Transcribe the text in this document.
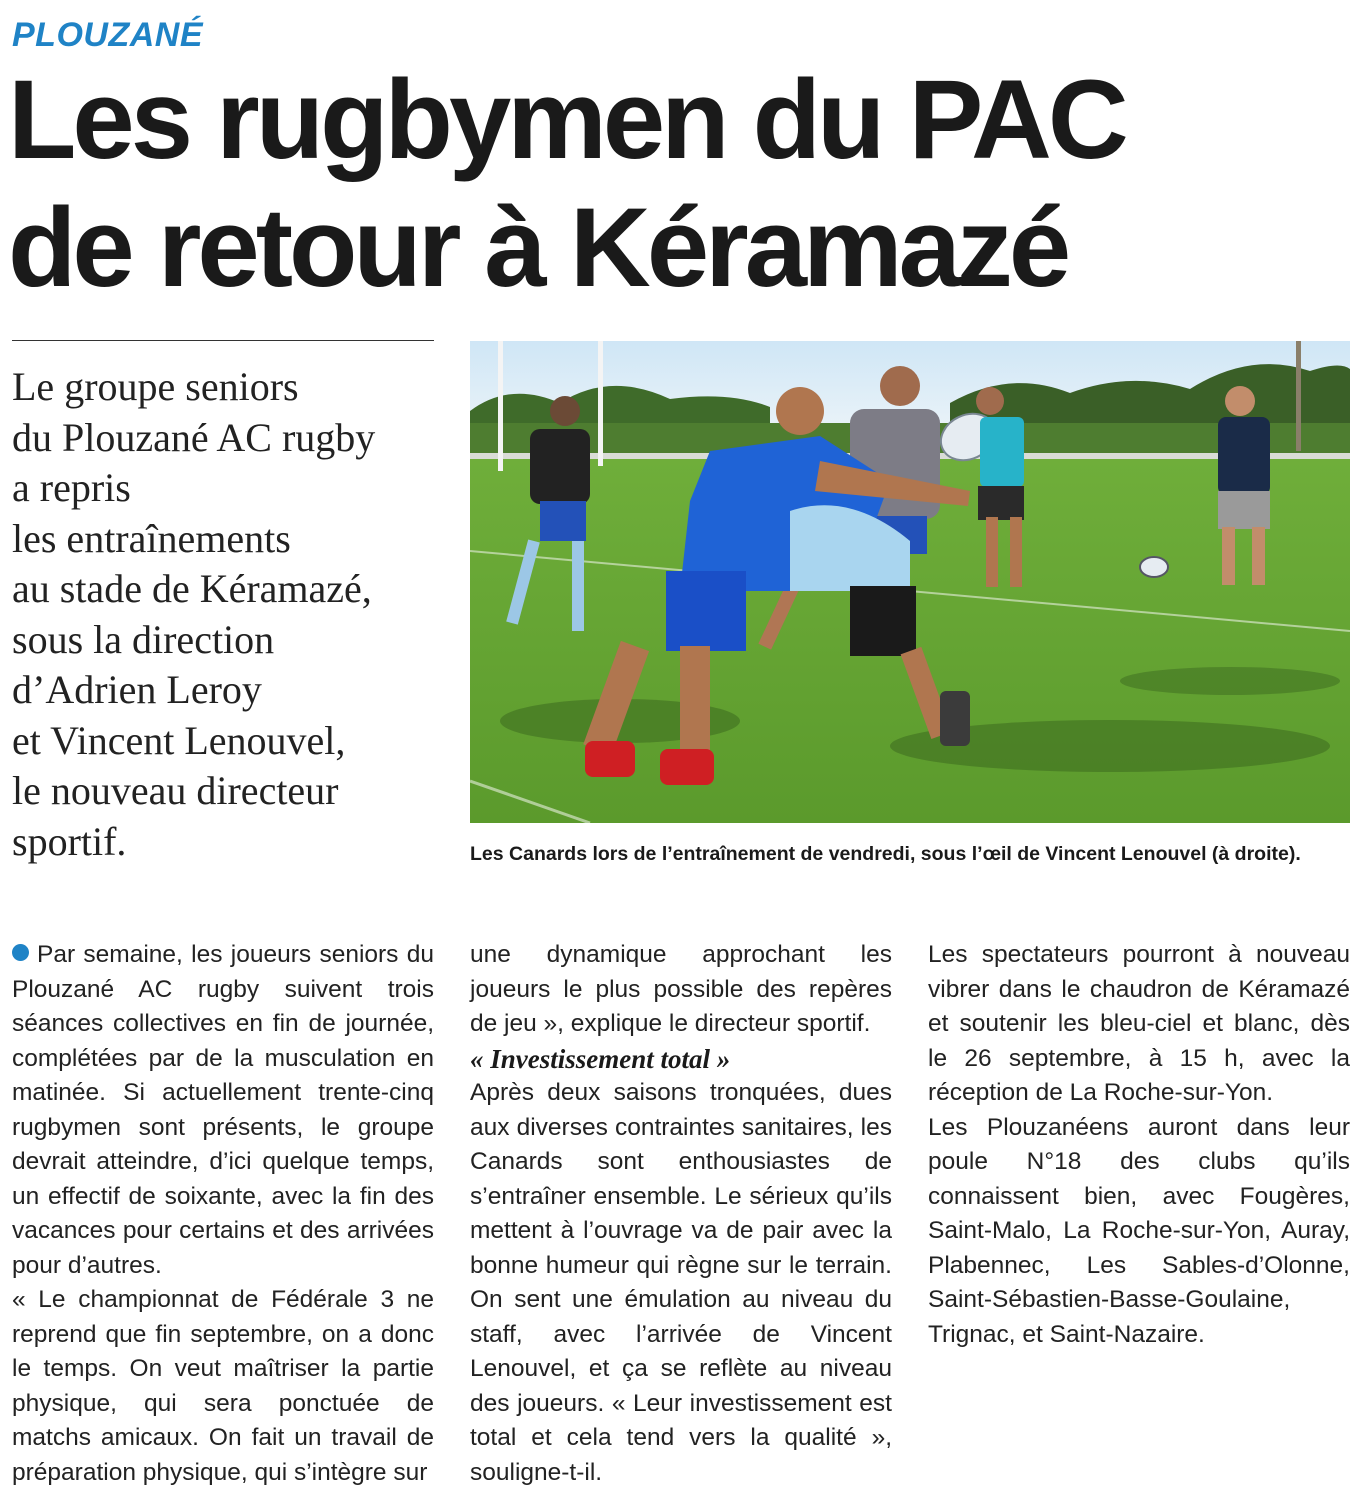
PLOUZANÉ
Les rugbymen du PAC
de retour à Kéramazé

Le groupe seniors
du Plouzané AC rugby
a repris
les entraînements
au stade de Kéramazé,
sous la direction
d’Adrien Leroy
et Vincent Lenouvel,
le nouveau directeur
sportif.	Les Canards lors de l’entraînement de vendredi, sous l’œil de Vincent Lenouvel (à droite).

Par semaine, les joueurs seniors du Plouzané AC rugby suivent trois séances collectives en fin de journée, complétées par de la musculation en matinée. Si actuellement trente-cinq rugbymen sont présents, le groupe devrait atteindre, d’ici quelque temps, un effectif de soixante, avec la fin des vacances pour certains et des arrivées pour d’autres.

« Le championnat de Fédérale 3 ne reprend que fin septembre, on a donc le temps. On veut maîtriser la partie physique, qui sera ponctuée de matchs amicaux. On fait un travail de préparation physique, qui s’intègre sur

une dynamique approchant les joueurs le plus possible des repères de jeu », explique le directeur sportif.

« Investissement total »

Après deux saisons tronquées, dues aux diverses contraintes sanitaires, les Canards sont enthousiastes de s’entraîner ensemble. Le sérieux qu’ils mettent à l’ouvrage va de pair avec la bonne humeur qui règne sur le terrain. On sent une émulation au niveau du staff, avec l’arrivée de Vincent Lenouvel, et ça se reflète au niveau des joueurs. « Leur investissement est total et cela tend vers la qualité », souligne-t-il.

Les spectateurs pourront à nouveau vibrer dans le chaudron de Kéramazé et soutenir les bleu-ciel et blanc, dès le 26 septembre, à 15 h, avec la réception de La Roche-sur-Yon.

Les Plouzanéens auront dans leur poule N°18 des clubs qu’ils connaissent bien, avec Fougères, Saint-Malo, La Roche-sur-Yon, Auray, Plabennec, Les Sables-d’Olonne, Saint-Sébastien-Basse-Goulaine, Trignac, et Saint-Nazaire.
